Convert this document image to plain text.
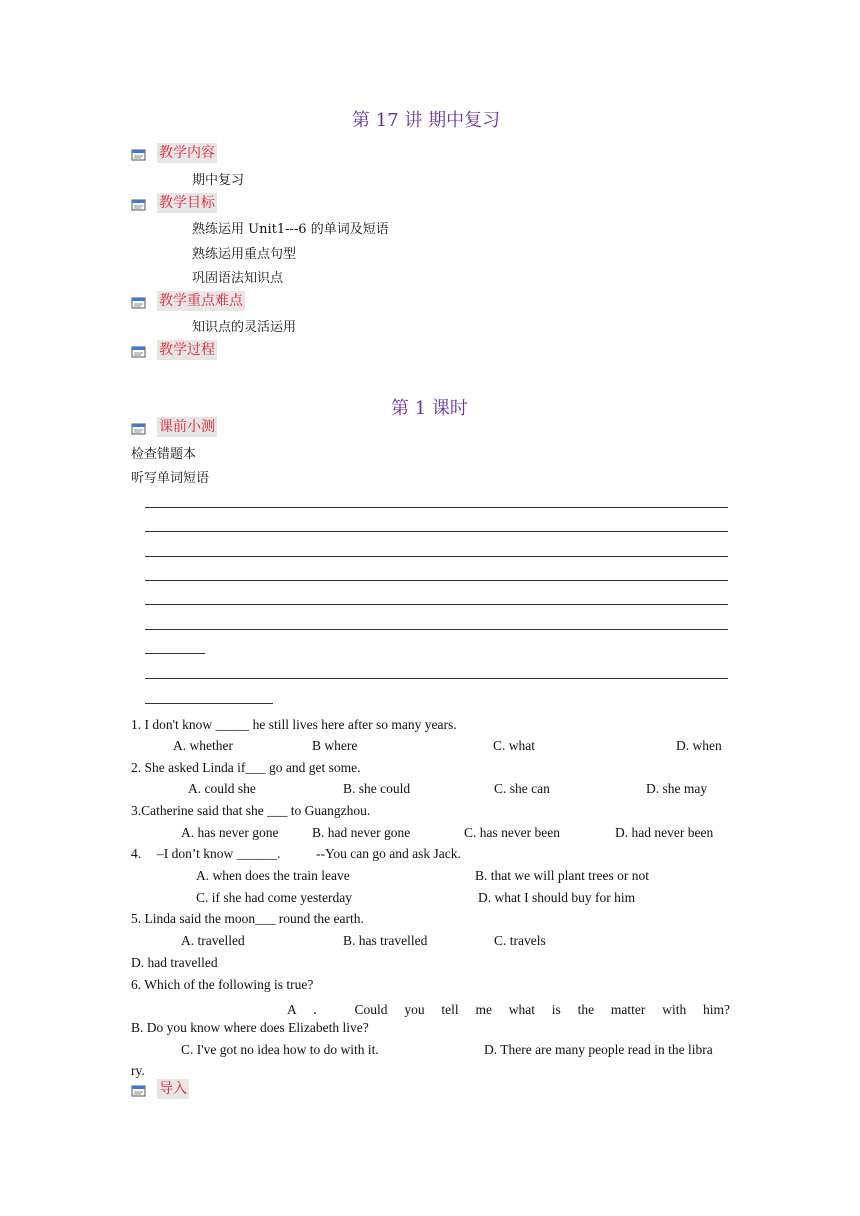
第 17 讲 期中复习
教学内容
期中复习
教学目标
熟练运用 Unit1---6 的单词及短语
熟练运用重点句型
巩固语法知识点
教学重点难点
知识点的灵活运用
教学过程
第 1 课时
课前小测
检查错题本
听写单词短语
1. I don't know _____ he still lives here after so many years.
A. whether	B where	C. what	D. when
2. She asked Linda if___ go and get some.
A. could she	B. she could	C. she can	D. she may
3.Catherine said that she ___ to Guangzhou.
A. has never gone B. had never gone	C. has never been	D. had never been
4. –I don’t know ______.	--You can go and ask Jack.
A. when does the train leave	B. that we will plant trees or not
C. if she had come yesterday	D. what I should buy for him
5. Linda said the moon___ round the earth.
A. travelled	B. has travelled	C. travels
D. had travelled
6. Which of the following is true?
A ． Could you tell me what is the matter with him?
B. Do you know where does Elizabeth live?
C. I've got no idea how to do with it.	D. There are many people read in the libra
ry.
导入
